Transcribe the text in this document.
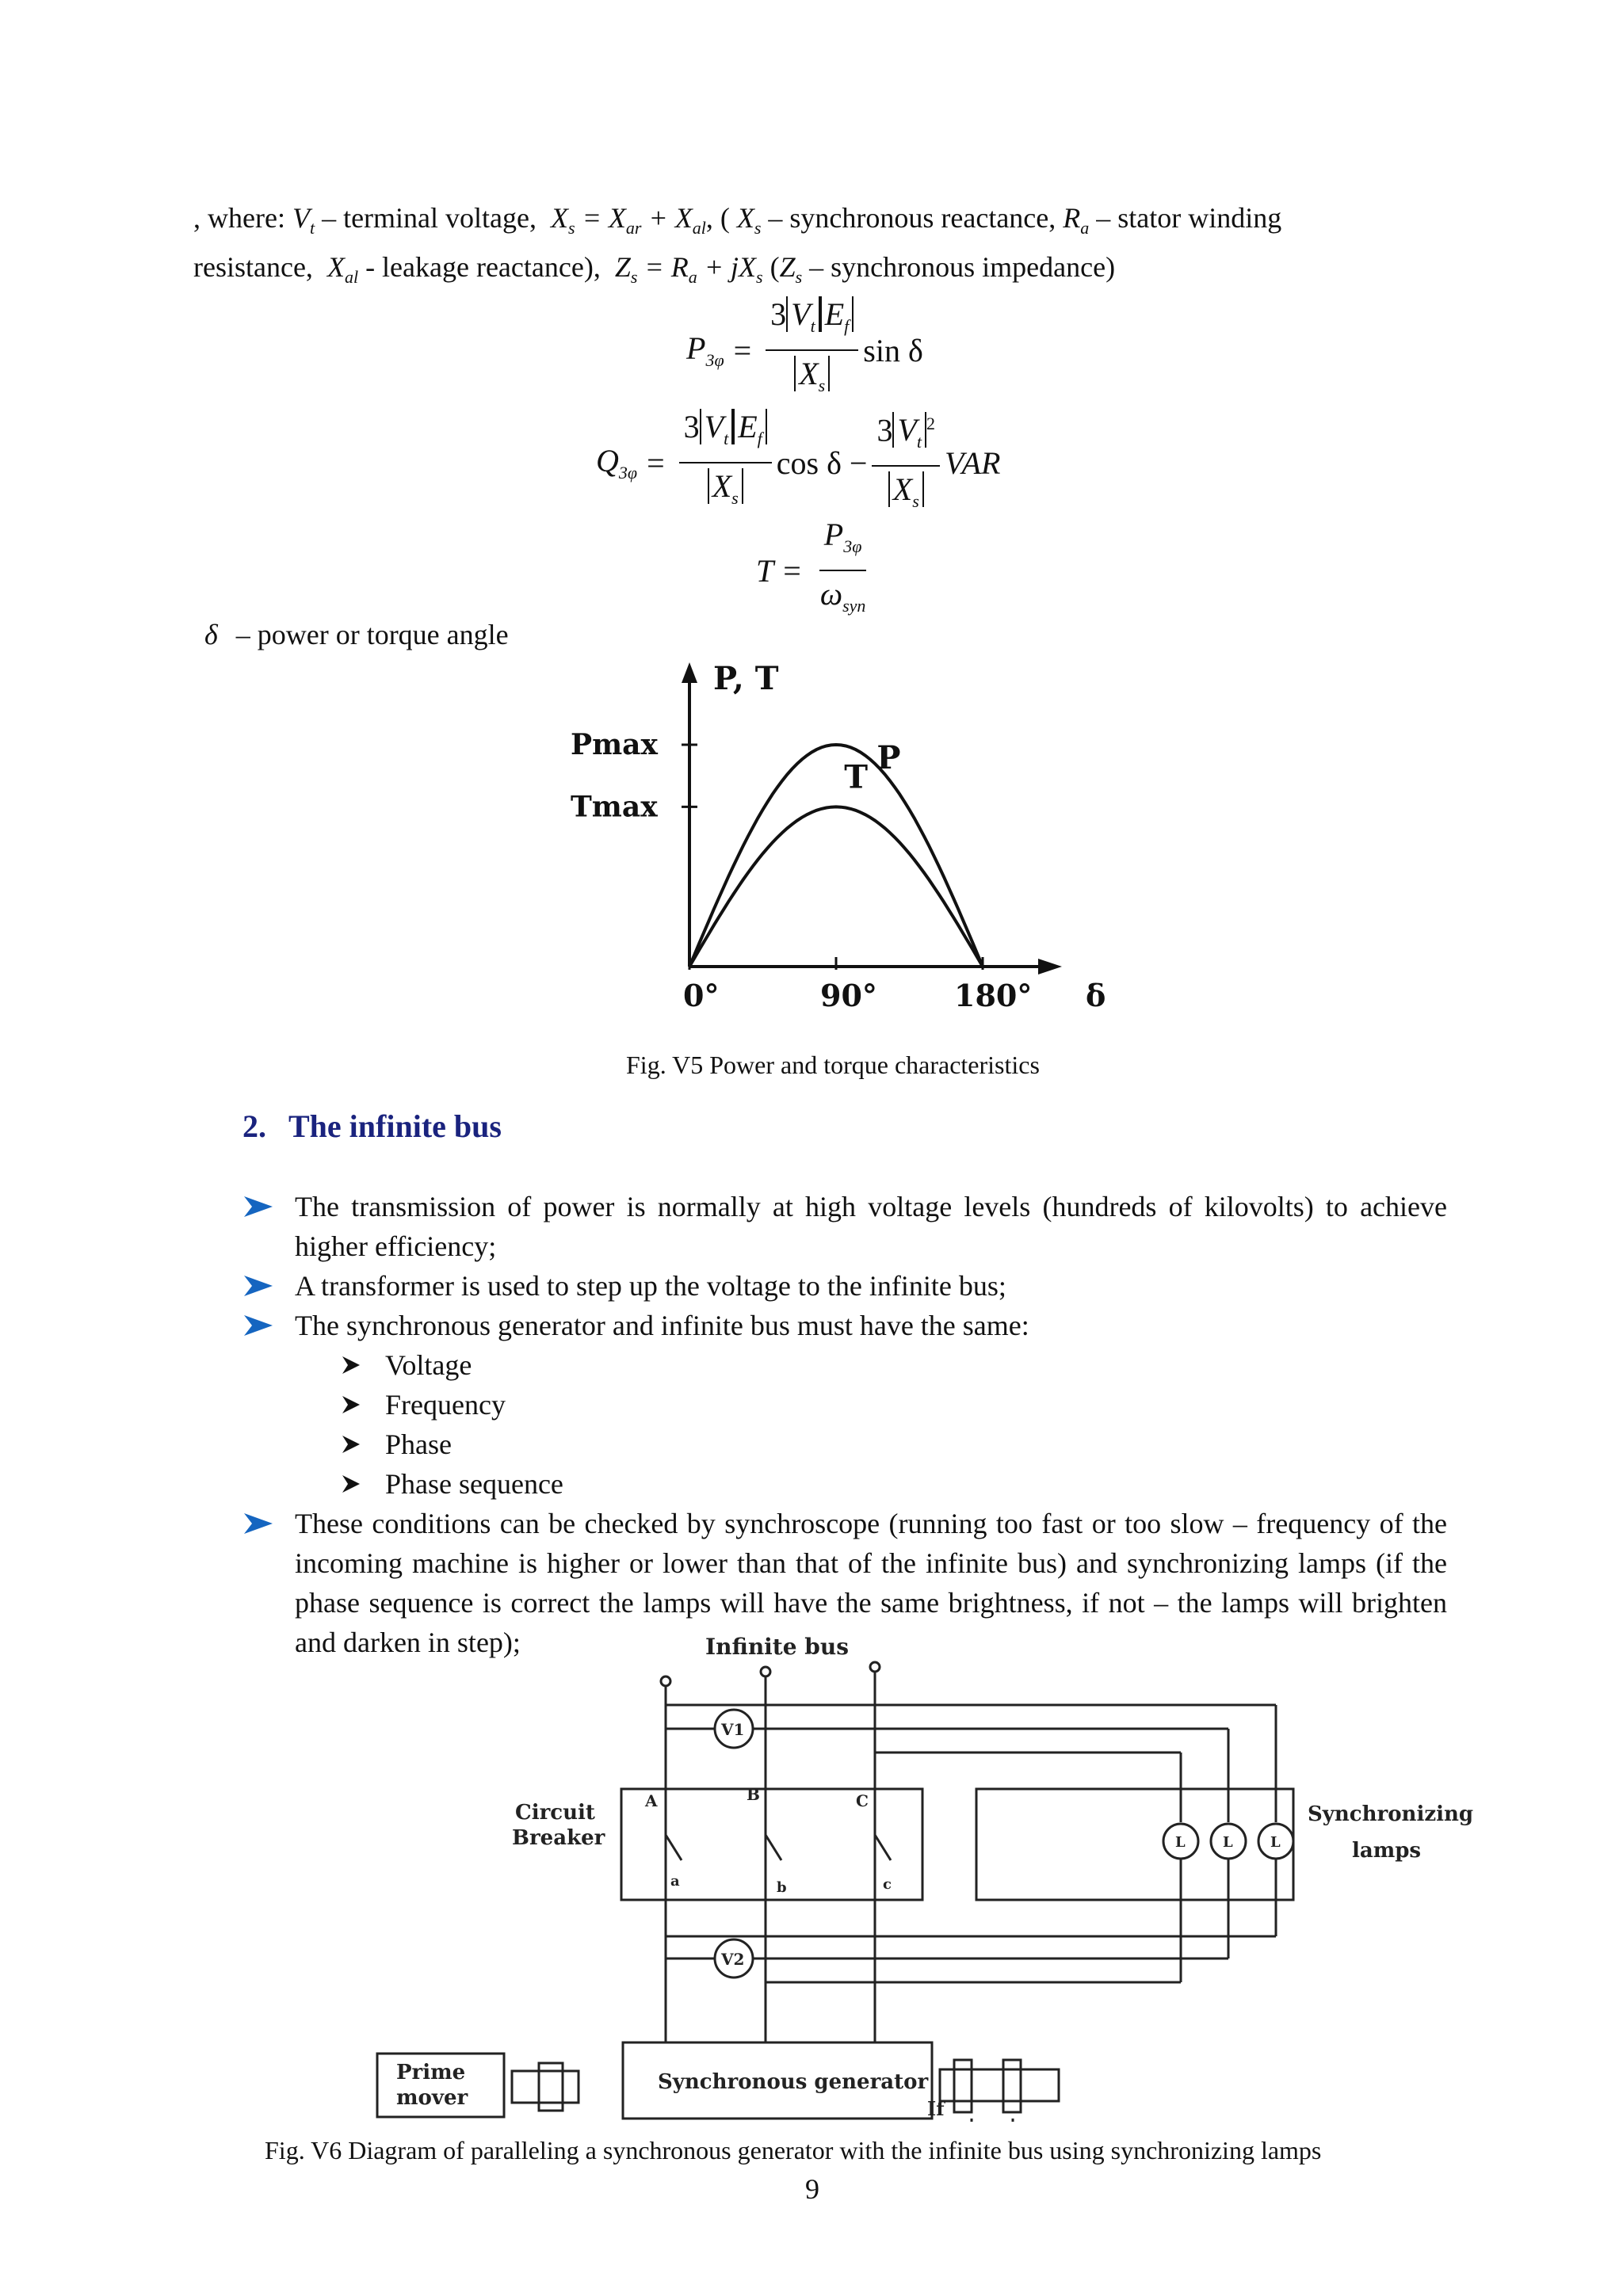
, where: $V_t$ – terminal voltage,  $X_s = X_{ar} + X_{al}$, ( $X_s$ – synchronous reactance, $R_a$ – stator winding
resistance,  $X_{al}$ - leakage reactance),  $Z_s = R_a + jX_s$ ($Z_s$ – synchronous impedance)
$P_{3\varphi} = \frac{3 V_t E_f}{X_s}$ sin δ
$Q_{3\varphi} = \frac{3 V_t E_f}{X_s}$ $\cos \delta - \frac{3 V_t^2}{X_s}$ VAR
$T = \frac{P_{3\varphi}}{\omega_{syn}}$
δ – power or torque angle
0°	90°	180° δ
P, T
Pmax
Tmax
P
T
Fig. V5 Power and torque characteristics
2. The infinite bus
The transmission of power is normally at high voltage levels (hundreds of kilovolts) to achieve higher efficiency;
A transformer is used to step up the voltage to the infinite bus;
The synchronous generator and infinite bus must have the same:
Voltage
Frequency
Phase
Phase sequence
These conditions can be checked by synchroscope (running too fast or too slow – frequency of the incoming machine is higher or lower than that of the infinite bus) and synchronizing lamps (if the phase sequence is correct the lamps will have the same brightness, if not – the lamps will brighten and darken in step);	Infinite bus
V1
V2
A	B	C
a	b	c
Circuit
Breaker
Synchronizing
lamps
L	L	L
Prime
mover
Synchronous generator
If
Fig. V6 Diagram of paralleling a synchronous generator with the infinite bus using synchronizing lamps
9
